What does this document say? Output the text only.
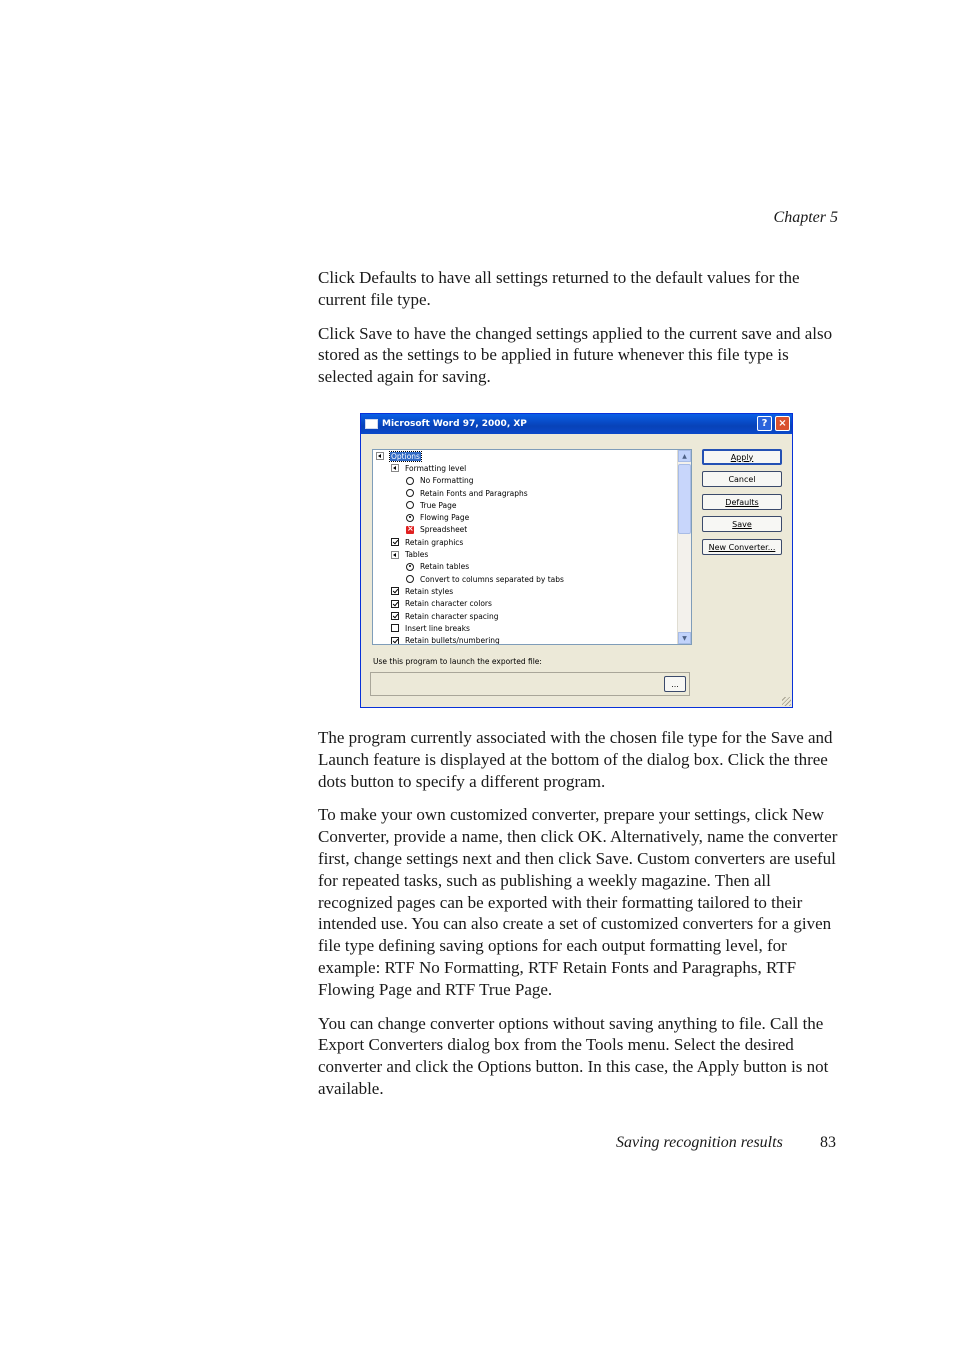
Chapter 5

Click Defaults to have all settings returned to the default values for the current file type.

Click Save to have the changed settings applied to the current save and also stored as the settings to be applied in future whenever this file type is selected again for saving.

Microsoft Word 97, 2000, XP	?	×
Options
Formatting level
No Formatting
Retain Fonts and Paragraphs
True Page
Flowing Page
×
Spreadsheet
Retain graphics
Tables
Retain tables
Convert to columns separated by tabs
Retain styles
Retain character colors
Retain character spacing
Insert line breaks
Retain bullets/numbering
▲
▼
Apply
Cancel
Defaults
Save
New Converter...
Use this program to launch the exported file:
...

The program currently associated with the chosen file type for the Save and Launch feature is displayed at the bottom of the dialog box. Click the three dots button to specify a different program.

To make your own customized converter, prepare your settings, click New Converter, provide a name, then click OK. Alternatively, name the converter first, change settings next and then click Save. Custom converters are useful for repeated tasks, such as publishing a weekly magazine. Then all recognized pages can be exported with their formatting tailored to their intended use. You can also create a set of customized converters for a given file type defining saving options for each output formatting level, for example: RTF No Formatting, RTF Retain Fonts and Paragraphs, RTF Flowing Page and RTF True Page.

You can change converter options without saving anything to file. Call the Export Converters dialog box from the Tools menu. Select the desired converter and click the Options button. In this case, the Apply button is not available.

Saving recognition results 83
